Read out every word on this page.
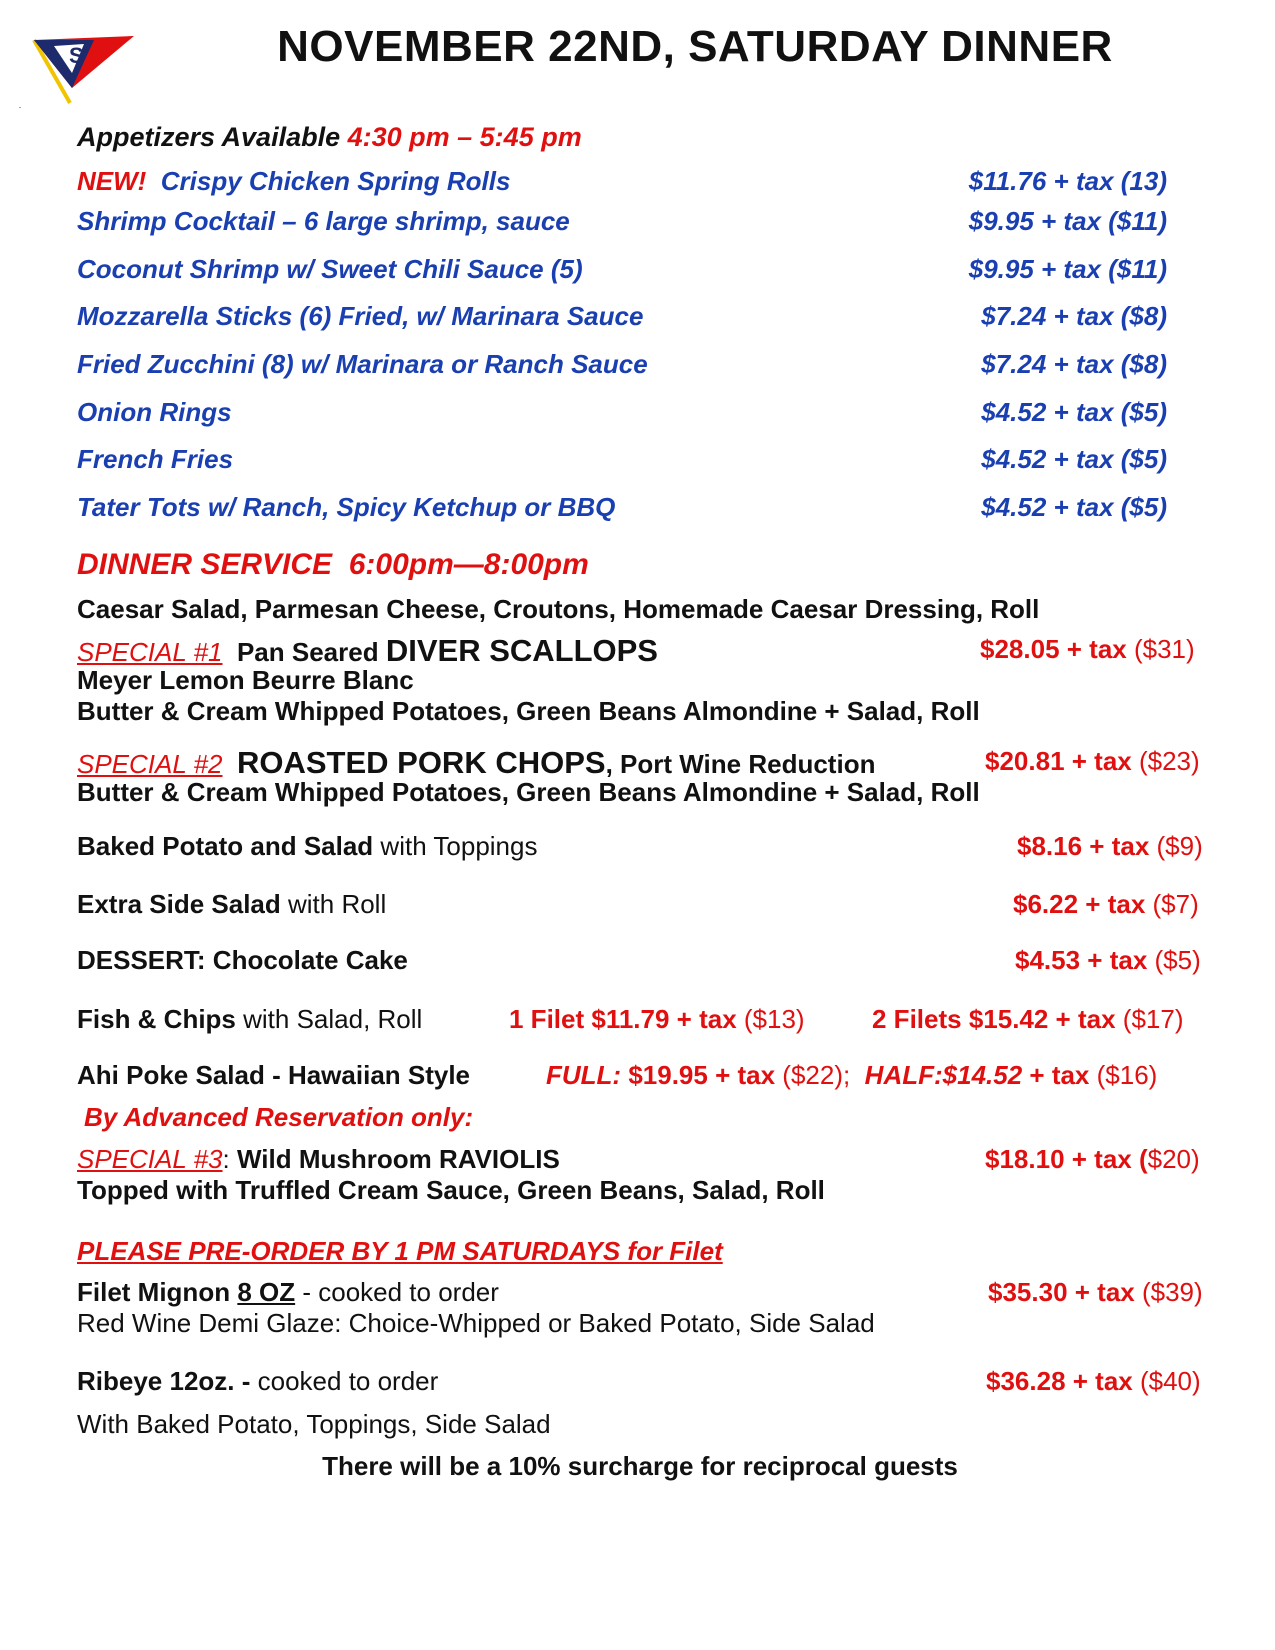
S	NOVEMBER 22ND, SATURDAY DINNER
Appetizers Available 4:30 pm – 5:45 pm
NEW! Crispy Chicken Spring Rolls	$11.76 + tax (13)
Shrimp Cocktail – 6 large shrimp, sauce	$9.95 + tax ($11)
Coconut Shrimp w/ Sweet Chili Sauce (5)	$9.95 + tax ($11)
Mozzarella Sticks (6) Fried, w/ Marinara Sauce	$7.24 + tax ($8)
Fried Zucchini (8) w/ Marinara or Ranch Sauce	$7.24 + tax ($8)
Onion Rings	$4.52 + tax ($5)
French Fries	$4.52 + tax ($5)
Tater Tots w/ Ranch, Spicy Ketchup or BBQ	$4.52 + tax ($5)
DINNER SERVICE 6:00pm—8:00pm
Caesar Salad, Parmesan Cheese, Croutons, Homemade Caesar Dressing, Roll
SPECIAL #1 Pan Seared DIVER SCALLOPS	$28.05 + tax ($31)
Meyer Lemon Beurre Blanc
Butter & Cream Whipped Potatoes, Green Beans Almondine + Salad, Roll
SPECIAL #2 ROASTED PORK CHOPS, Port Wine Reduction	$20.81 + tax ($23)
Butter & Cream Whipped Potatoes, Green Beans Almondine + Salad, Roll
Baked Potato and Salad with Toppings	$8.16 + tax ($9)
Extra Side Salad with Roll	$6.22 + tax ($7)
DESSERT: Chocolate Cake	$4.53 + tax ($5)
Fish & Chips with Salad, Roll	1 Filet $11.79 + tax ($13)	2 Filets $15.42 + tax ($17)
Ahi Poke Salad - Hawaiian Style	FULL: $19.95 + tax ($22); HALF:$14.52 + tax ($16)
By Advanced Reservation only:
SPECIAL #3: Wild Mushroom RAVIOLIS	$18.10 + tax ($20)
Topped with Truffled Cream Sauce, Green Beans, Salad, Roll
PLEASE PRE-ORDER BY 1 PM SATURDAYS for Filet
Filet Mignon 8 OZ - cooked to order	$35.30 + tax ($39)
Red Wine Demi Glaze: Choice-Whipped or Baked Potato, Side Salad
Ribeye 12oz. - cooked to order	$36.28 + tax ($40)
With Baked Potato, Toppings, Side Salad
There will be a 10% surcharge for reciprocal guests
